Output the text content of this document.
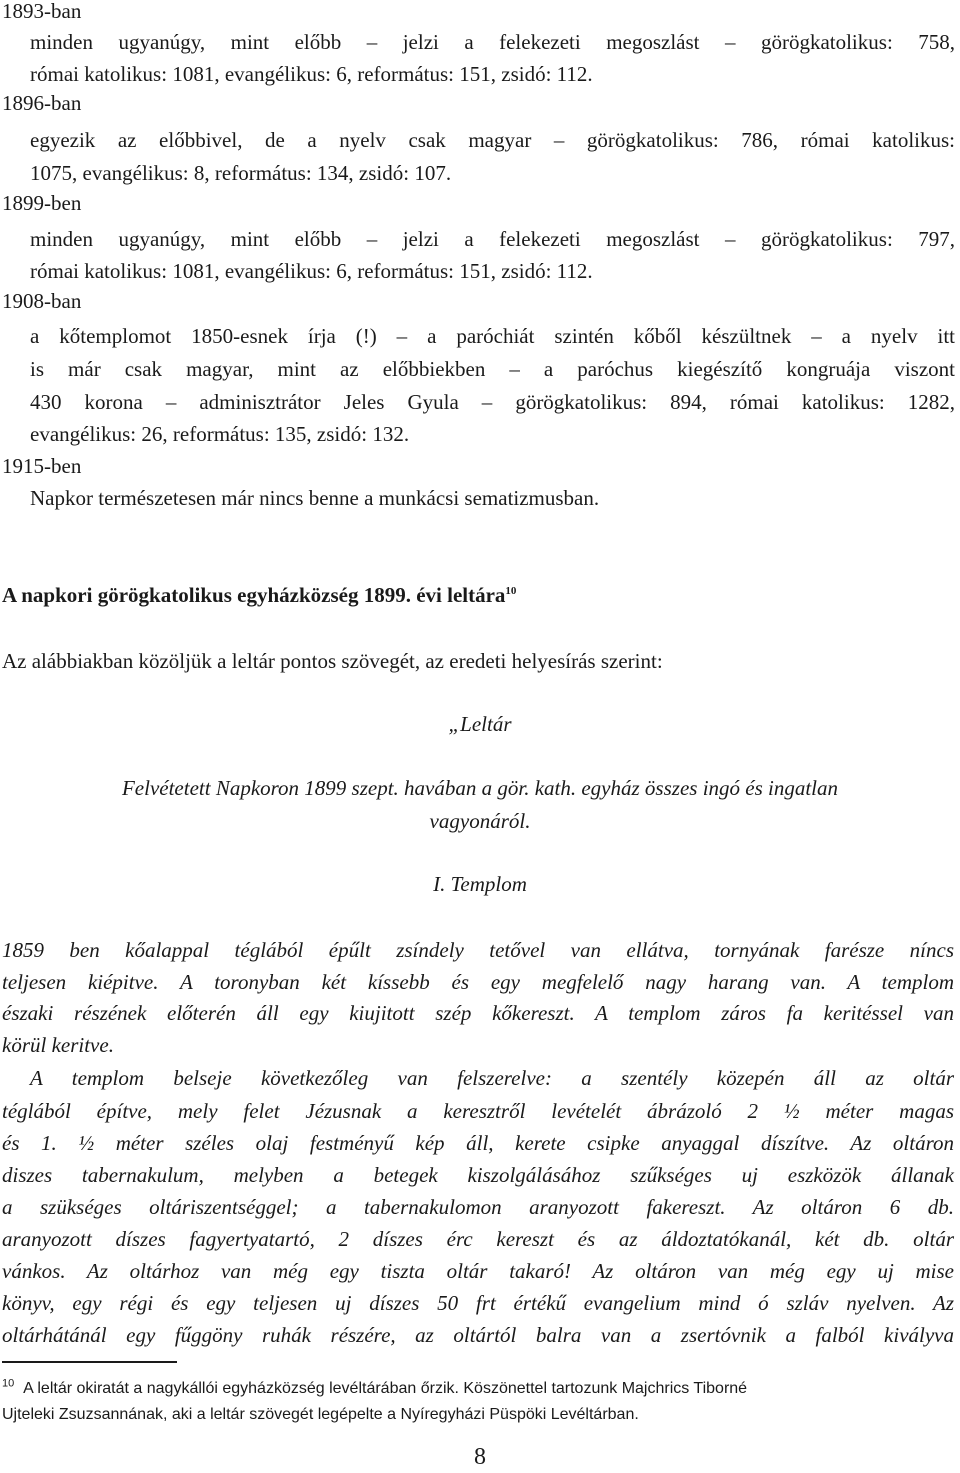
1893-ban
minden ugyanúgy, mint előbb – jelzi a felekezeti megoszlást – görögkatolikus: 758,
római katolikus: 1081, evangélikus: 6, református: 151, zsidó: 112.
1896-ban
egyezik az előbbivel, de a nyelv csak magyar – görögkatolikus: 786, római katolikus:
1075, evangélikus: 8, református: 134, zsidó: 107.
1899-ben
minden ugyanúgy, mint előbb – jelzi a felekezeti megoszlást – görögkatolikus: 797,
római katolikus: 1081, evangélikus: 6, református: 151, zsidó: 112.
1908-ban
a kőtemplomot 1850-esnek írja (!) – a paróchiát szintén kőből készültnek – a nyelv itt
is már csak magyar, mint az előbbiekben – a paróchus kiegészítő kongruája viszont
430 korona – adminisztrátor Jeles Gyula – görögkatolikus: 894, római katolikus: 1282,
evangélikus: 26, református: 135, zsidó: 132.
1915-ben
Napkor természetesen már nincs benne a munkácsi sematizmusban.
A napkori görögkatolikus egyházközség 1899. évi leltára$^{10}$
Az alábbiakban közöljük a leltár pontos szövegét, az eredeti helyesírás szerint:
„Leltár
Felvétetett Napkoron 1899 szept. havában a gör. kath. egyház összes ingó és ingatlan
vagyonáról.
I. Templom
1859 ben kőalappal téglából épűlt zsíndely tetővel van ellátva, tornyának farésze níncs
teljesen kiépitve. A toronyban két kíssebb és egy megfelelő nagy harang van. A templom
északi részének előterén áll egy kiujitott szép kőkereszt. A templom záros fa keritéssel van
körül keritve.
A templom belseje következőleg van felszerelve: a szentély közepén áll az oltár
téglából építve, mely felet Jézusnak a keresztről levételét ábrázoló 2 ½ méter magas
és 1. ½ méter széles olaj festményű kép áll, kerete csipke anyaggal díszítve. Az oltáron
diszes tabernakulum, melyben a betegek kiszolgálásához szűkséges uj eszközök állanak
a szükséges oltáriszentséggel; a tabernakulomon aranyozott fakereszt. Az oltáron 6 db.
aranyozott díszes fagyertyatartó, 2 díszes érc kereszt és az áldoztatókanál, két db. oltár
vánkos. Az oltárhoz van még egy tiszta oltár takaró! Az oltáron van még egy uj mise
könyv, egy régi és egy teljesen uj díszes 50 frt értékű evangelium mind ó szláv nyelven. Az
oltárhátánál egy fűggöny ruhák részére, az oltártól balra van a zsertóvnik a falból kivályva
$^{10}$ A leltár okiratát a nagykállói egyházközség levéltárában őrzik. Köszönettel tartozunk Majchrics Tiborné
Ujteleki Zsuzsannának, aki a leltár szövegét legépelte a Nyíregyházi Püspöki Levéltárban.
8
